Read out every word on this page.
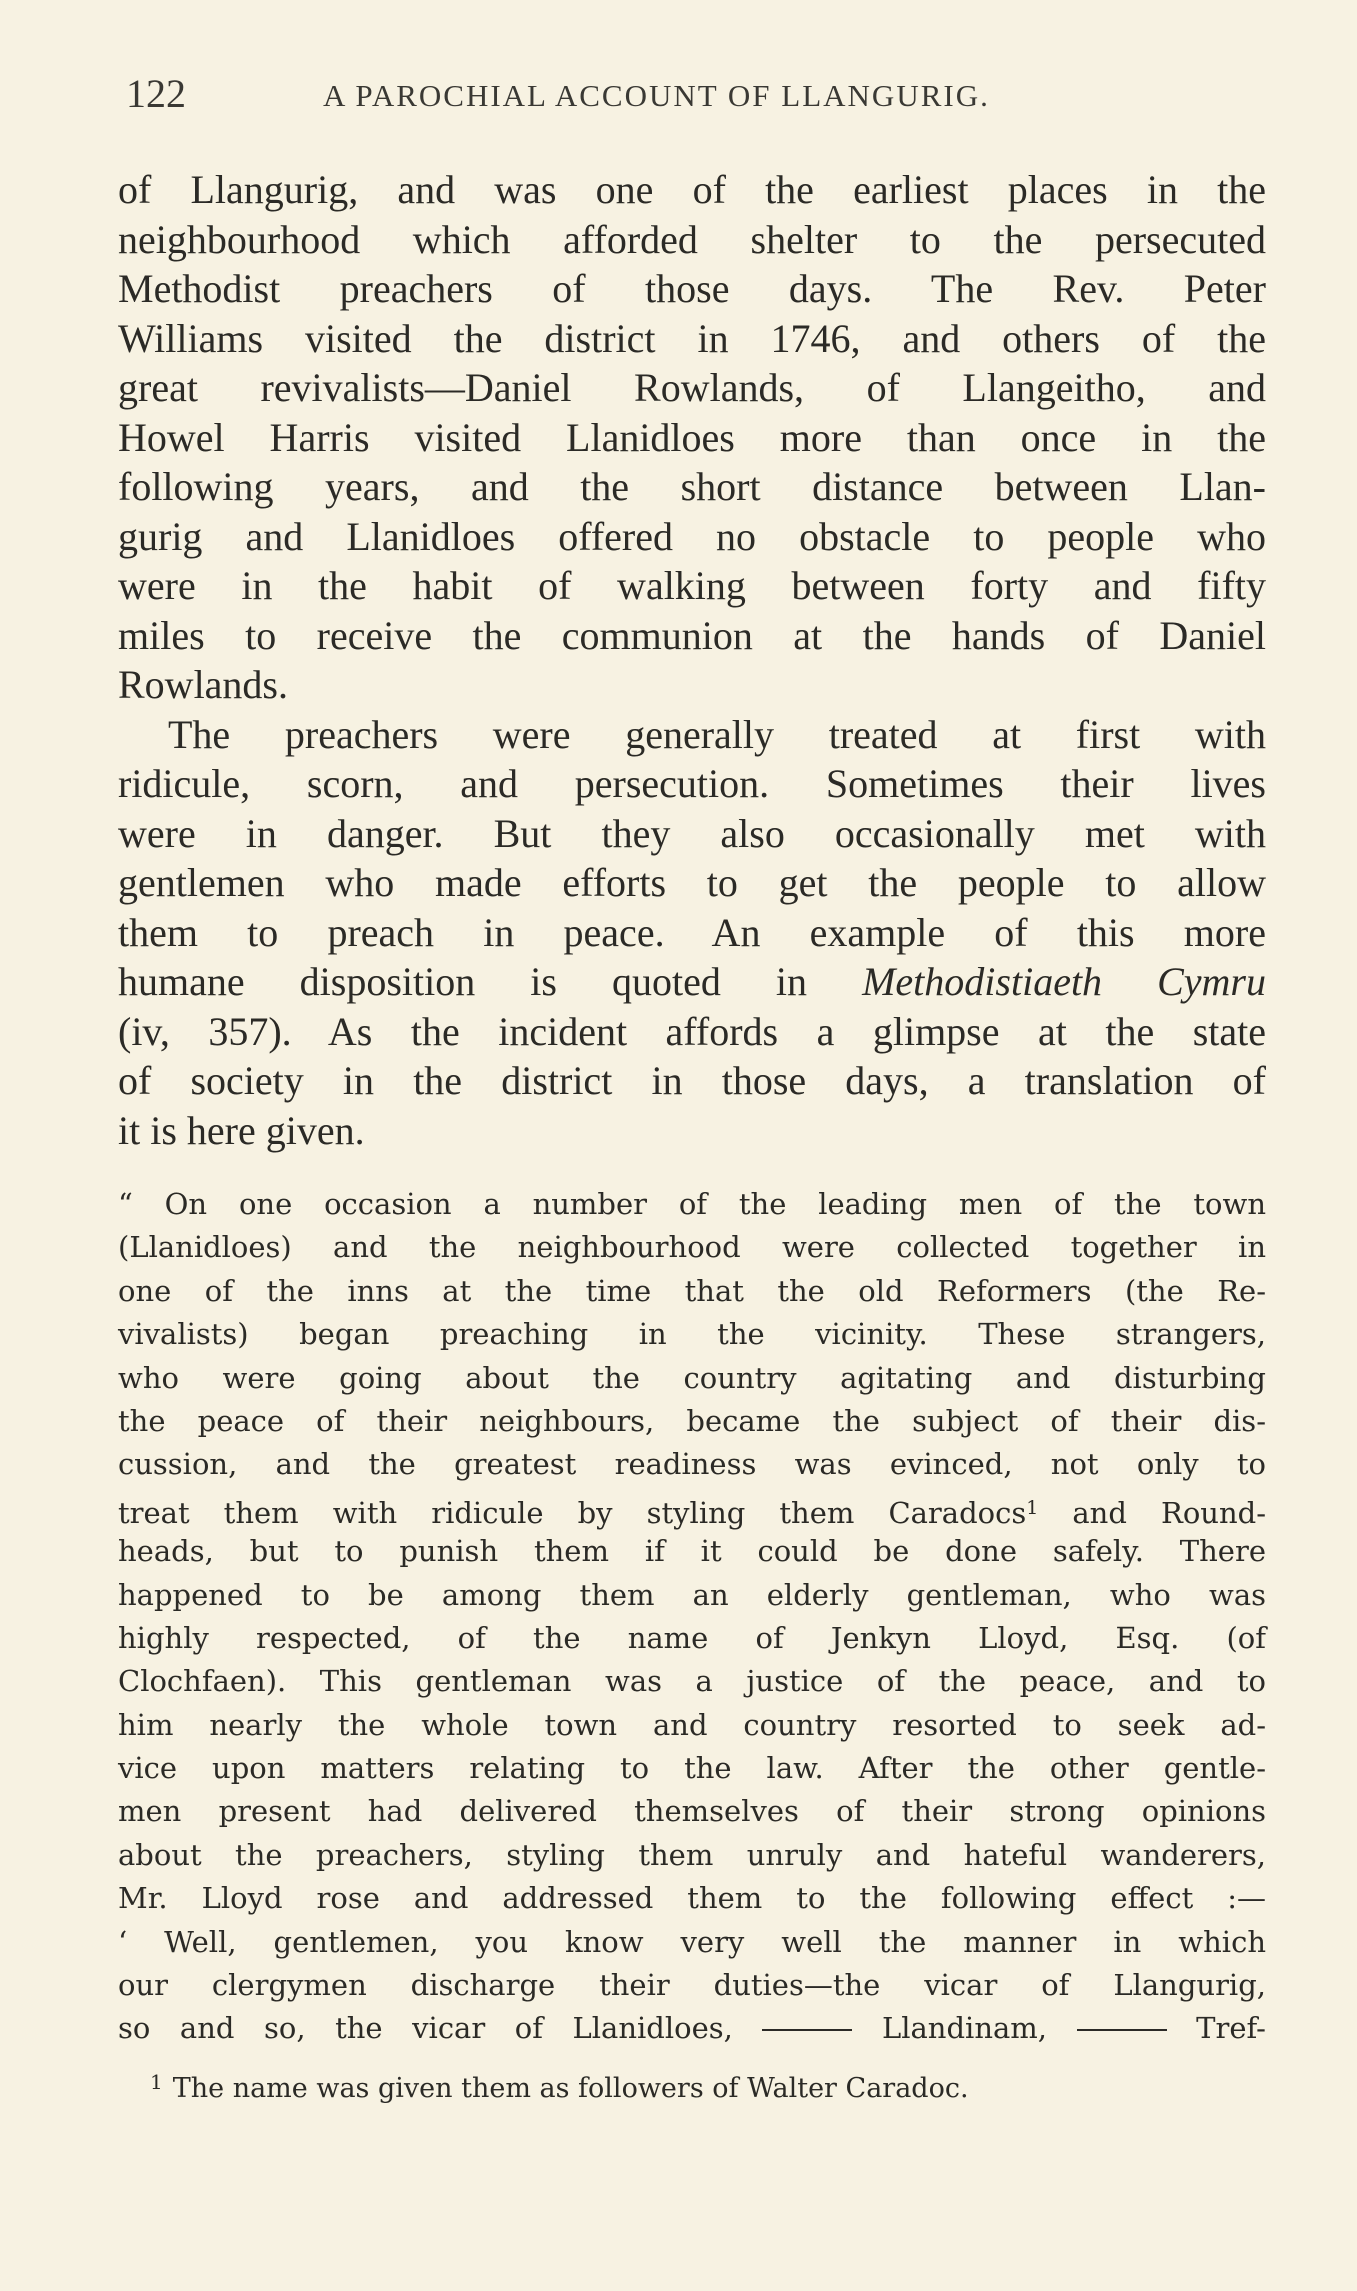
122	A PAROCHIAL ACCOUNT OF LLANGURIG.
of Llangurig, and was one of the earliest places in the
neighbourhood which afforded shelter to the persecuted
Methodist preachers of those days. The Rev. Peter
Williams visited the district in 1746, and others of the
great revivalists—Daniel Rowlands, of Llangeitho, and
Howel Harris visited Llanidloes more than once in the
following years, and the short distance between Llan-
gurig and Llanidloes offered no obstacle to people who
were in the habit of walking between forty and fifty
miles to receive the communion at the hands of Daniel
Rowlands.
The preachers were generally treated at first with
ridicule, scorn, and persecution. Sometimes their lives
were in danger. But they also occasionally met with
gentlemen who made efforts to get the people to allow
them to preach in peace. An example of this more
humane disposition is quoted in Methodistiaeth Cymru
(iv, 357). As the incident affords a glimpse at the state
of society in the district in those days, a translation of
it is here given.
“ On one occasion a number of the leading men of the town
(Llanidloes) and the neighbourhood were collected together in
one of the inns at the time that the old Reformers (the Re-
vivalists) began preaching in the vicinity. These strangers,
who were going about the country agitating and disturbing
the peace of their neighbours, became the subject of their dis-
cussion, and the greatest readiness was evinced, not only to
treat them with ridicule by styling them Caradocs$^1$ and Round-
heads, but to punish them if it could be done safely. There
happened to be among them an elderly gentleman, who was
highly respected, of the name of Jenkyn Lloyd, Esq. (of
Clochfaen). This gentleman was a justice of the peace, and to
him nearly the whole town and country resorted to seek ad-
vice upon matters relating to the law. After the other gentle-
men present had delivered themselves of their strong opinions
about the preachers, styling them unruly and hateful wanderers,
Mr. Lloyd rose and addressed them to the following effect :—
‘ Well, gentlemen, you know very well the manner in which
our clergymen discharge their duties—the vicar of Llangurig,
so and so, the vicar of Llanidloes,	Llandinam,	Tref-
$^1$ The name was given them as followers of Walter Caradoc.
